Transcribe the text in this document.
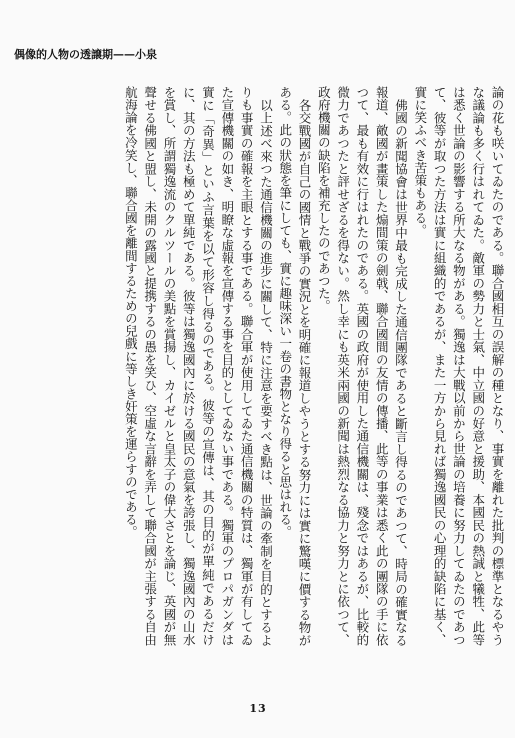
偶像的人物の透譲期——小泉

論の花も咲いてゐたのである。聯合國相互の誤解の種となり、事實を離れた批判の標準となるやうな議論も多く行はれてゐた。敵軍の勢力と士氣、中立國の好意と援助、本國民の熱誠と犧牲、此等は悉く世論の影響する所大なる物がある。獨逸は大戰以前から世論の培養に努力してゐたのであつて、彼等が取つた方法は實に組織的であるが、また一方から見れば獨逸國民の心理的缺陷に基く、實に笑ふべき苦策もある。

佛國の新聞協會は世界中最も完成した通信團隊であると斷言し得るのであつて、時局の確實なる報道、敵國が畫策した煽間策の劍戟、聯合國間の友情の傳播、此等の事業は悉く此の團隊の手に依つて、最も有效に行はれたのである。英國の政府が使用した通信機關は、殘念ではあるが、比較的微力であつたと評せざるを得ない。然し幸にも英米兩國の新聞は熱烈なる協力と努力とに依つて、政府機關の缺陷を補充したのであつた。

各交戰國が自己の國情と戰爭の實況とを明確に報道しやうとする努力には實に驚嘆に價する物がある。此の狀態を筆にしても、實に趣味深い一卷の書物となり得ると思はれる。

以上述べ來つた通信機關の進步に關して、特に注意を要すべき點は、世論の牽制を目的とするよりも事實の確報を主眼とする事である。聯合軍が使用してゐた通信機關の特質は、獨軍が有してゐた宣傳機關の如き、明瞭な虛報を宣傳する事を目的としてゐない事である。獨軍のプロパガンダは實に「奇異」といふ言葉を以て形容し得るのである。彼等の宣傳は、其の目的が單純であるだけに、其の方法も極めて單純である。彼等は獨逸國內に於ける國民の意氣を誇張し、獨逸國內の山水を賞し、所謂獨逸流のクルツールの美點を賞揚し、カイゼルと皇太子の偉大さとを論じ、英國が無聲せる佛國と盟し、未開の露國と提携するの愚を笑ひ、空虛な言辭を弄して聯合國が主張する自由航海論を冷笑し、聯合國を離間するための兒戲に等しき奸策を運らすのである。

13
